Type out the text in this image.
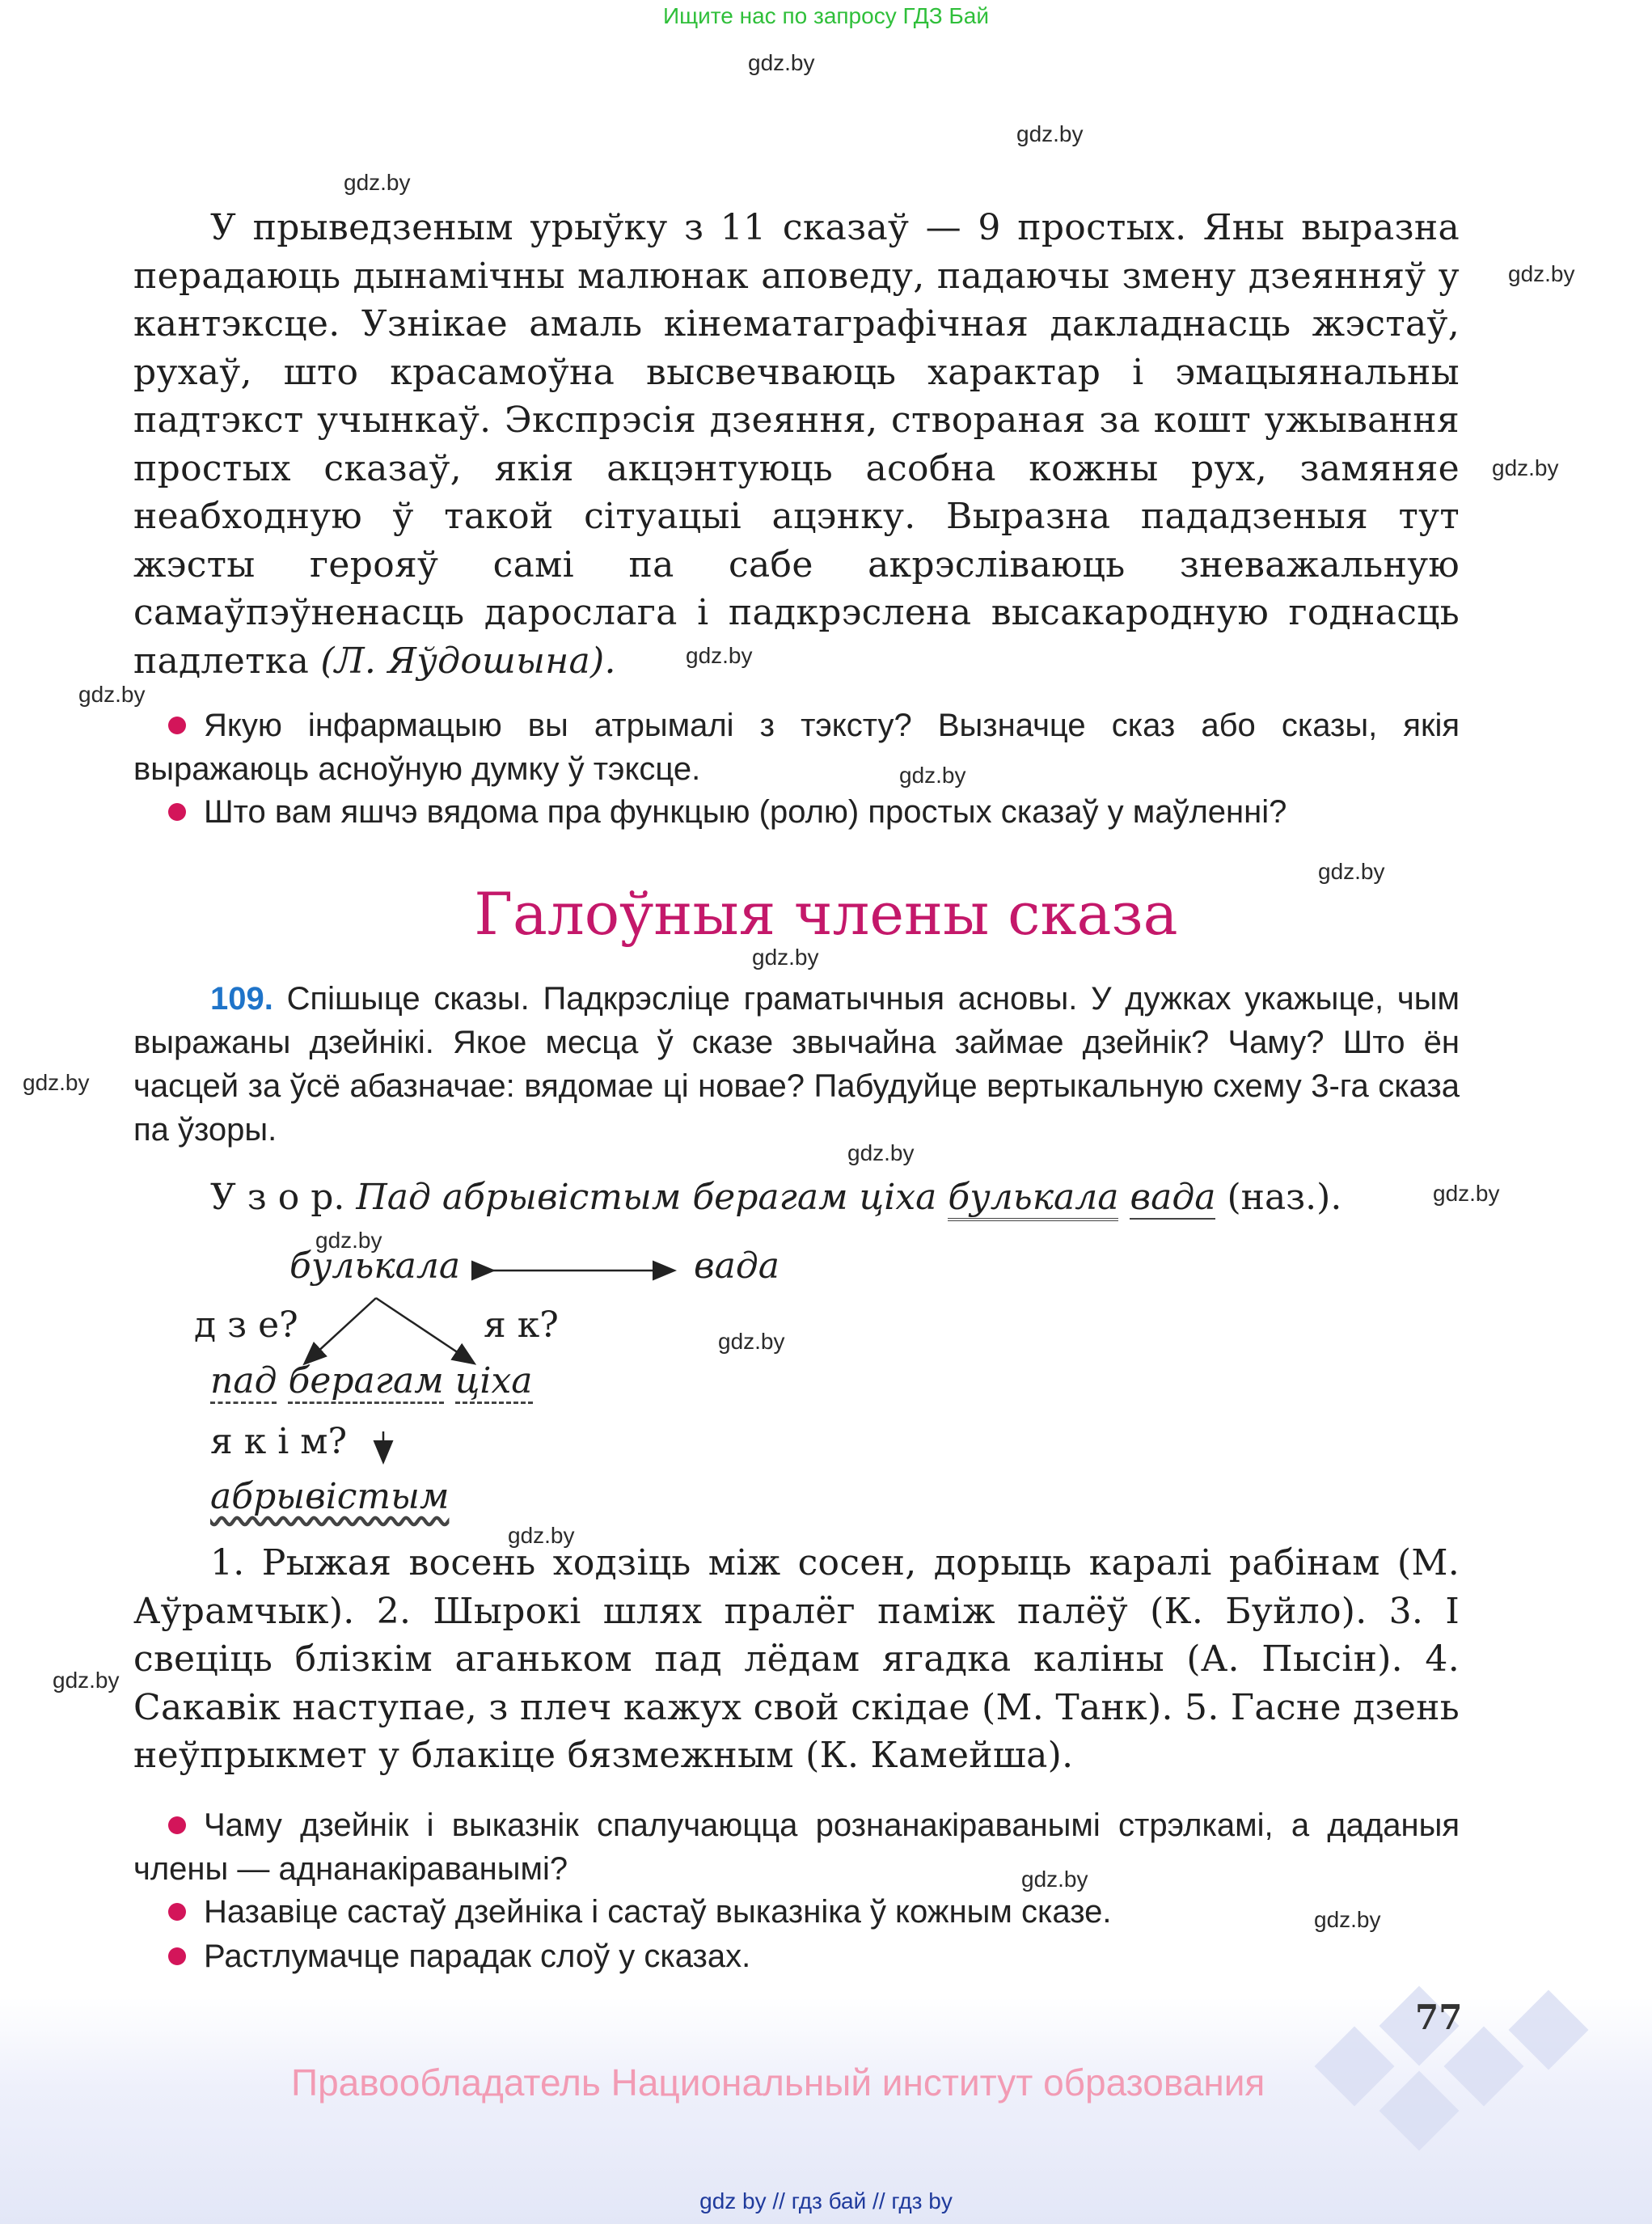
Ищите нас по запросу ГДЗ Бай
gdz.by
gdz.by
gdz.by
gdz.by
gdz.by
gdz.by
gdz.by
gdz.by
gdz.by
gdz.by
gdz.by
gdz.by
gdz.by
gdz.by
gdz.by
gdz.by
gdz.by
gdz.by
gdz.by
У прыведзеным урыўку з 11 сказаў — 9 простых. Яны выразна перадаюць дынамічны малюнак аповеду, падаючы змену дзеянняў у кантэксце. Узнікае амаль кінематаграфічная дакладнасць жэстаў, рухаў, што красамоўна высвечваюць характар і эмацыянальны падтэкст учынкаў. Экспрэсія дзеяння, створаная за кошт ужывання простых сказаў, якія акцэнтуюць асобна кожны рух, замяняе неабходную ў такой сітуацыі ацэнку. Выразна пададзеныя тут жэсты герояў самі па сабе акрэсліваюць зневажальную самаўпэўненасць дарослага і падкрэслена высакародную годнасць падлетка (Л. Яўдошына).
Якую інфармацыю вы атрымалі з тэксту? Вызначце сказ або сказы, якія выражаюць асноўную думку ў тэксце.
Што вам яшчэ вядома пра функцыю (ролю) простых сказаў у маўленні?
Галоўныя члены сказа
109. Спішыце сказы. Падкрэсліце граматычныя асновы. У дужках укажыце, чым выражаны дзейнікі. Якое месца ў сказе звычайна займае дзейнік? Чаму? Што ён часцей за ўсё абазначае: вядомае ці новае? Пабудуйце вертыкальную схему 3-га сказа па ўзоры.
У з о р. Пад абрывістым берагам ціха булькала вада (наз.).
булькала	вада
д з е?	я к?
пад берагам ціха
я к і м?
абрывістым
1. Рыжая восень ходзіць між сосен, дорыць каралі рабінам (М. Аўрамчык). 2. Шырокі шлях пралёг паміж палёў (К. Буйло). 3. І свеціць блізкім аганьком пад лёдам ягадка каліны (А. Пысін). 4. Сакавік наступае, з плеч кажух свой скідае (М. Танк). 5. Гасне дзень неўпрыкмет у блакіце бязмежным (К. Камейша).
Чаму дзейнік і выказнік спалучаюцца рознанакіраванымі стрэлкамі, а даданыя члены — аднанакіраванымі?
Назавіце састаў дзейніка і састаў выказніка ў кожным сказе.
Растлумачце парадак слоў у сказах.
77
Правообладатель Национальный институт образования
gdz by // гдз бай // гдз by
